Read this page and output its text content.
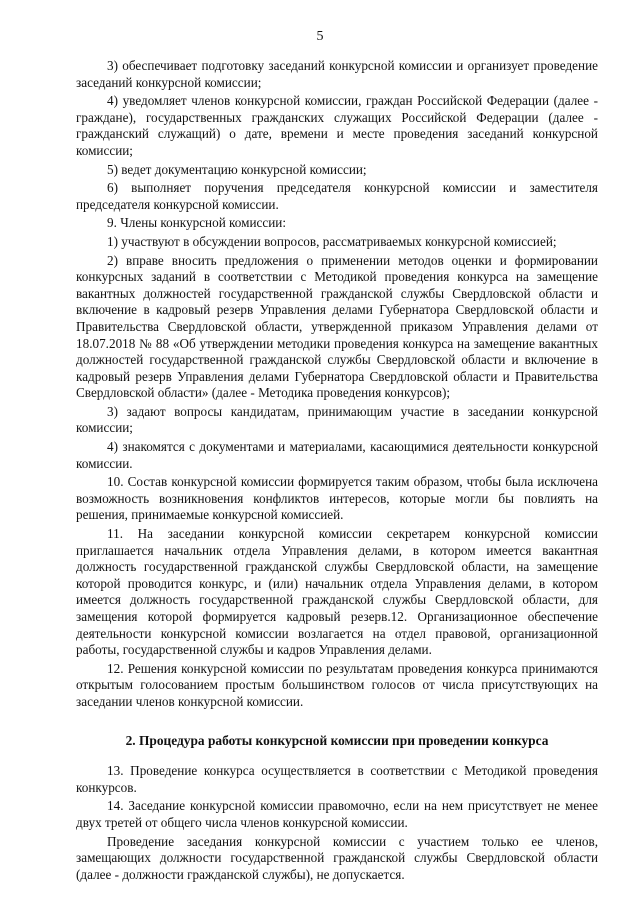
5

3) обеспечивает подготовку заседаний конкурсной комиссии и организует проведение заседаний конкурсной комиссии;

4) уведомляет членов конкурсной комиссии, граждан Российской Федерации (далее - граждане), государственных гражданских служащих Российской Федерации (далее - гражданский служащий) о дате, времени и месте проведения заседаний конкурсной комиссии;

5) ведет документацию конкурсной комиссии;

6) выполняет поручения председателя конкурсной комиссии и заместителя председателя конкурсной комиссии.

9. Члены конкурсной комиссии:

1) участвуют в обсуждении вопросов, рассматриваемых конкурсной комиссией;

2) вправе вносить предложения о применении методов оценки и формировании конкурсных заданий в соответствии с Методикой проведения конкурса на замещение вакантных должностей государственной гражданской службы Свердловской области и включение в кадровый резерв Управления делами Губернатора Свердловской области и Правительства Свердловской области, утвержденной приказом Управления делами от 18.07.2018 № 88 «Об утверждении методики проведения конкурса на замещение вакантных должностей государственной гражданской службы Свердловской области и включение в кадровый резерв Управления делами Губернатора Свердловской области и Правительства Свердловской области» (далее - Методика проведения конкурсов);

3) задают вопросы кандидатам, принимающим участие в заседании конкурсной комиссии;

4) знакомятся с документами и материалами, касающимися деятельности конкурсной комиссии.

10. Состав конкурсной комиссии формируется таким образом, чтобы была исключена возможность возникновения конфликтов интересов, которые могли бы повлиять на решения, принимаемые конкурсной комиссией.

11. На заседании конкурсной комиссии секретарем конкурсной комиссии приглашается начальник отдела Управления делами, в котором имеется вакантная должность государственной гражданской службы Свердловской области, на замещение которой проводится конкурс, и (или) начальник отдела Управления делами, в котором имеется должность государственной гражданской службы Свердловской области, для замещения которой формируется кадровый резерв.12. Организационное обеспечение деятельности конкурсной комиссии возлагается на отдел правовой, организационной работы, государственной службы и кадров Управления делами.

12. Решения конкурсной комиссии по результатам проведения конкурса принимаются открытым голосованием простым большинством голосов от числа присутствующих на заседании членов конкурсной комиссии.

2. Процедура работы конкурсной комиссии при проведении конкурса

13. Проведение конкурса осуществляется в соответствии с Методикой проведения конкурсов.

14. Заседание конкурсной комиссии правомочно, если на нем присутствует не менее двух третей от общего числа членов конкурсной комиссии.

Проведение заседания конкурсной комиссии с участием только ее членов, замещающих должности государственной гражданской службы Свердловской области (далее - должности гражданской службы), не допускается.
